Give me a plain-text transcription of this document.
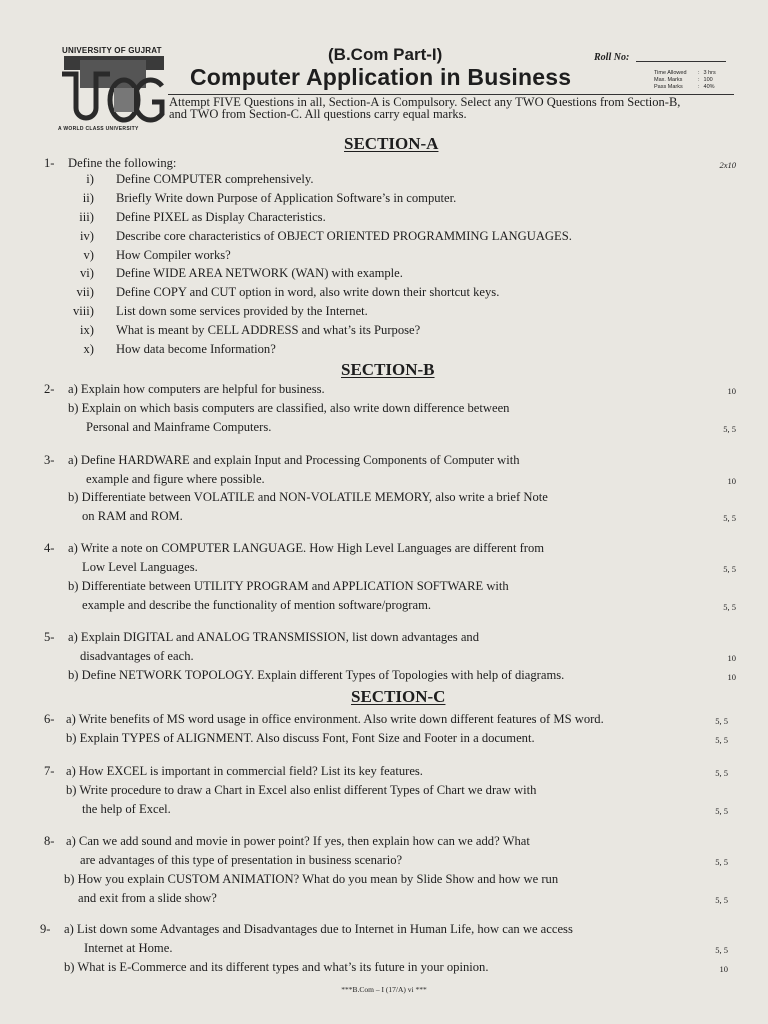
UNIVERSITY OF GUJRAT
A WORLD CLASS UNIVERSITY
(B.Com Part-I)	Roll No:
Computer Application in Business	Time Allowed	: 3 hrs
Max. Marks	: 100
Pass Marks	: 40%
Attempt FIVE Questions in all, Section-A is Compulsory. Select any TWO Questions from Section-B,
and TWO from Section-C. All questions carry equal marks.
SECTION-A
1- Define the following:	2x10
i) Define COMPUTER comprehensively.
ii) Briefly Write down Purpose of Application Software’s in computer.
iii) Define PIXEL as Display Characteristics.
iv) Describe core characteristics of OBJECT ORIENTED PROGRAMMING LANGUAGES.
v) How Compiler works?
vi) Define WIDE AREA NETWORK (WAN) with example.
vii) Define COPY and CUT option in word, also write down their shortcut keys.
viii) List down some services provided by the Internet.
ix) What is meant by CELL ADDRESS and what’s its Purpose?
x) How data become Information?
SECTION-B
2- a) Explain how computers are helpful for business.	10
b) Explain on which basis computers are classified, also write down difference between
Personal and Mainframe Computers.	5, 5
3- a) Define HARDWARE and explain Input and Processing Components of Computer with
example and figure where possible.	10
b) Differentiate between VOLATILE and NON-VOLATILE MEMORY, also write a brief Note
on RAM and ROM.	5, 5
4- a) Write a note on COMPUTER LANGUAGE. How High Level Languages are different from
Low Level Languages.	5, 5
b) Differentiate between UTILITY PROGRAM and APPLICATION SOFTWARE with
example and describe the functionality of mention software/program.	5, 5
5- a) Explain DIGITAL and ANALOG TRANSMISSION, list down advantages and
disadvantages of each.	10
b) Define NETWORK TOPOLOGY. Explain different Types of Topologies with help of diagrams.	10
SECTION-C
6- a) Write benefits of MS word usage in office environment. Also write down different features of MS word.	5, 5
b) Explain TYPES of ALIGNMENT. Also discuss Font, Font Size and Footer in a document.	5, 5
7- a) How EXCEL is important in commercial field? List its key features.	5, 5
b) Write procedure to draw a Chart in Excel also enlist different Types of Chart we draw with
the help of Excel.	5, 5
8- a) Can we add sound and movie in power point? If yes, then explain how can we add? What
are advantages of this type of presentation in business scenario?	5, 5
b) How you explain CUSTOM ANIMATION? What do you mean by Slide Show and how we run
and exit from a slide show?	5, 5
9- a) List down some Advantages and Disadvantages due to Internet in Human Life, how can we access
Internet at Home.	5, 5
b) What is E-Commerce and its different types and what’s its future in your opinion.	10
***B.Com – I (17/A) vi ***
